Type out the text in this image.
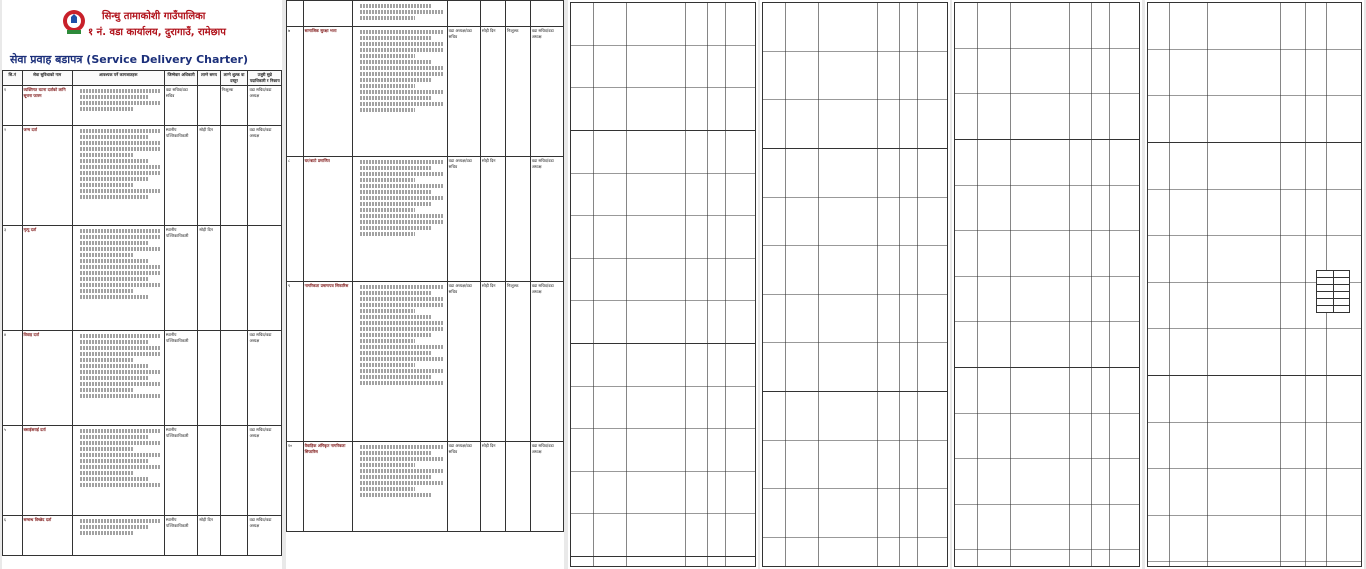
सिन्धु तामाकोशी गाउँपालिका
१ नं. वडा कार्यालय, दुरागाउँ, रामेछाप
सेवा प्रवाह बडापत्र (Service Delivery Charter)
सि.नं	सेवा सुविधाको नाम	आवश्यक पर्ने कागजातहरू	जिम्मेवार अधिकारी	लाग्ने समय	लाग्ने शुल्क वा दस्तुर	उजुरी सुन्ने पदाधिकारी र निकाय
१	व्यक्तिगत घटना दर्ताको लागि सूचना फारम		वडा सचिव/वडा सचिव		निःशुल्क	वडा सचिव/वडा अध्यक्ष
२	जन्म दर्ता		स्थानीय पञ्जिकाधिकारी	सोही दिन		वडा सचिव/वडा अध्यक्ष
३	मृत्यु दर्ता		स्थानीय पञ्जिकाधिकारी	सोही दिन		
४	विवाह दर्ता		स्थानीय पञ्जिकाधिकारी			वडा सचिव/वडा अध्यक्ष
५	बसाईसराई दर्ता		स्थानीय पञ्जिकाधिकारी			वडा सचिव/वडा अध्यक्ष
६	सम्बन्ध विच्छेद दर्ता		स्थानीय पञ्जिकाधिकारी	सोही दिन		वडा सचिव/वडा अध्यक्ष

७	सामाजिक सुरक्षा भत्ता		वडा अध्यक्ष/वडा सचिव	सोही दिन	निःशुल्क	वडा सचिव/वडा अध्यक्ष
८	घर/बाटो प्रमाणित		वडा अध्यक्ष/वडा सचिव	सोही दिन		वडा सचिव/वडा अध्यक्ष
९	नागरिकता प्रमाणपत्र सिफारिस		वडा अध्यक्ष/वडा सचिव	सोही दिन	निःशुल्क	वडा सचिव/वडा अध्यक्ष
१०	वैवाहिक अंगिकृत नागरिकता सिफारिस		वडा अध्यक्ष/वडा सचिव	सोही दिन		वडा सचिव/वडा अध्यक्ष
